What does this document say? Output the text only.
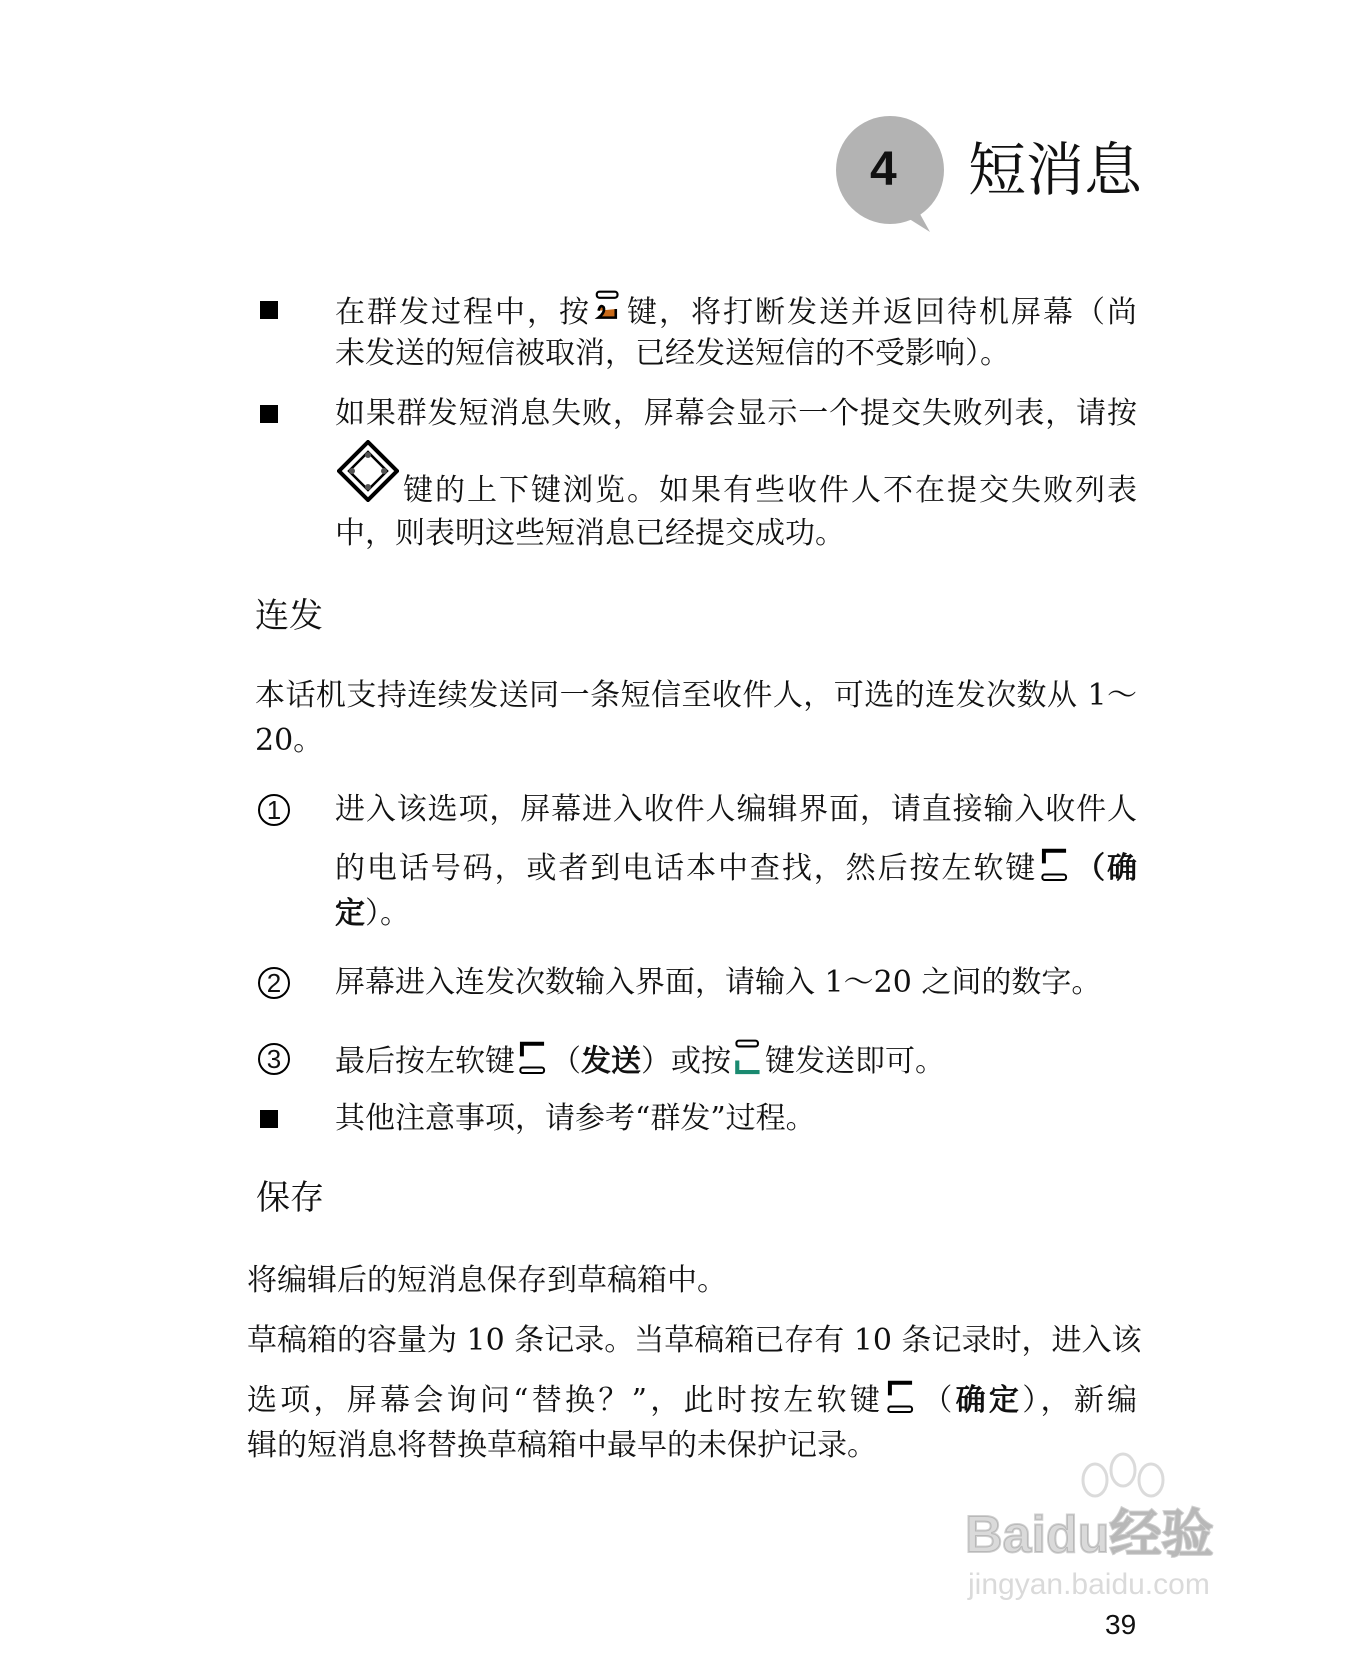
4 短消息
在群发过程中，按 键，将打断发送并返回待机屏幕（尚
未发送的短信被取消，已经发送短信的不受影响）。
如果群发短消息失败，屏幕会显示一个提交失败列表，请按
键的上下键浏览。如果有些收件人不在提交失败列表
中，则表明这些短消息已经提交成功。
连发
本话机支持连续发送同一条短信至收件人，可选的连发次数从 1～
20。
1 进入该选项，屏幕进入收件人编辑界面，请直接输入收件人
的电话号码，或者到电话本中查找，然后按左软键 （确
定）。
2 屏幕进入连发次数输入界面，请输入 1～20 之间的数字。
3 最后按左软键 （发送）或按 键发送即可。
其他注意事项，请参考“群发”过程。
保存
将编辑后的短消息保存到草稿箱中。
草稿箱的容量为 10 条记录。当草稿箱已存有 10 条记录时，进入该
选项，屏幕会询问“替换？”，此时按左软键 （确定），新编
辑的短消息将替换草稿箱中最早的未保护记录。
Baidu经验
jingyan.baidu.com
39
